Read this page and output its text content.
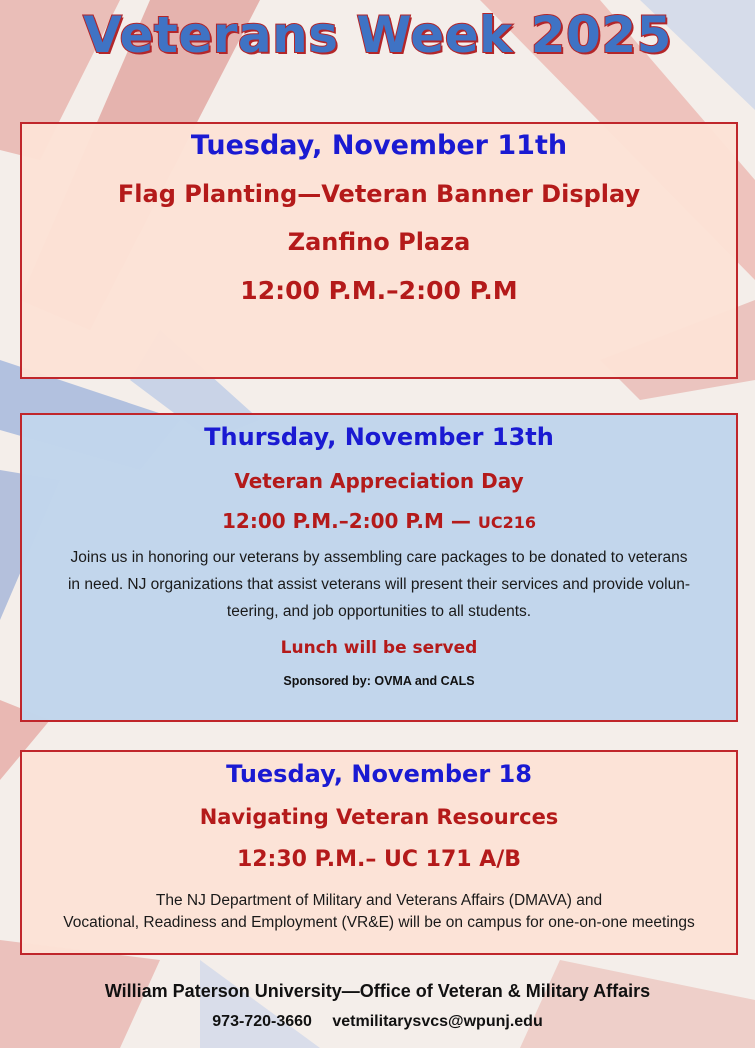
Veterans Week 2025
Tuesday, November 11th
Flag Planting—Veteran Banner Display
Zanfino Plaza
12:00 P.M.–2:00 P.M
Thursday, November 13th
Veteran Appreciation Day
12:00 P.M.–2:00 P.M — UC216
Joins us in honoring our veterans by assembling care packages to be donated to veterans
in need. NJ organizations that assist veterans will present their services and provide volun-
teering, and job opportunities to all students.
Lunch will be served
Sponsored by: OVMA and CALS
Tuesday, November 18
Navigating Veteran Resources
12:30 P.M.– UC 171 A/B
The NJ Department of Military and Veterans Affairs (DMAVA) and
Vocational, Readiness and Employment (VR&E) will be on campus for one-on-one meetings
William Paterson University—Office of Veteran & Military Affairs
973-720-3660 vetmilitarysvcs@wpunj.edu
